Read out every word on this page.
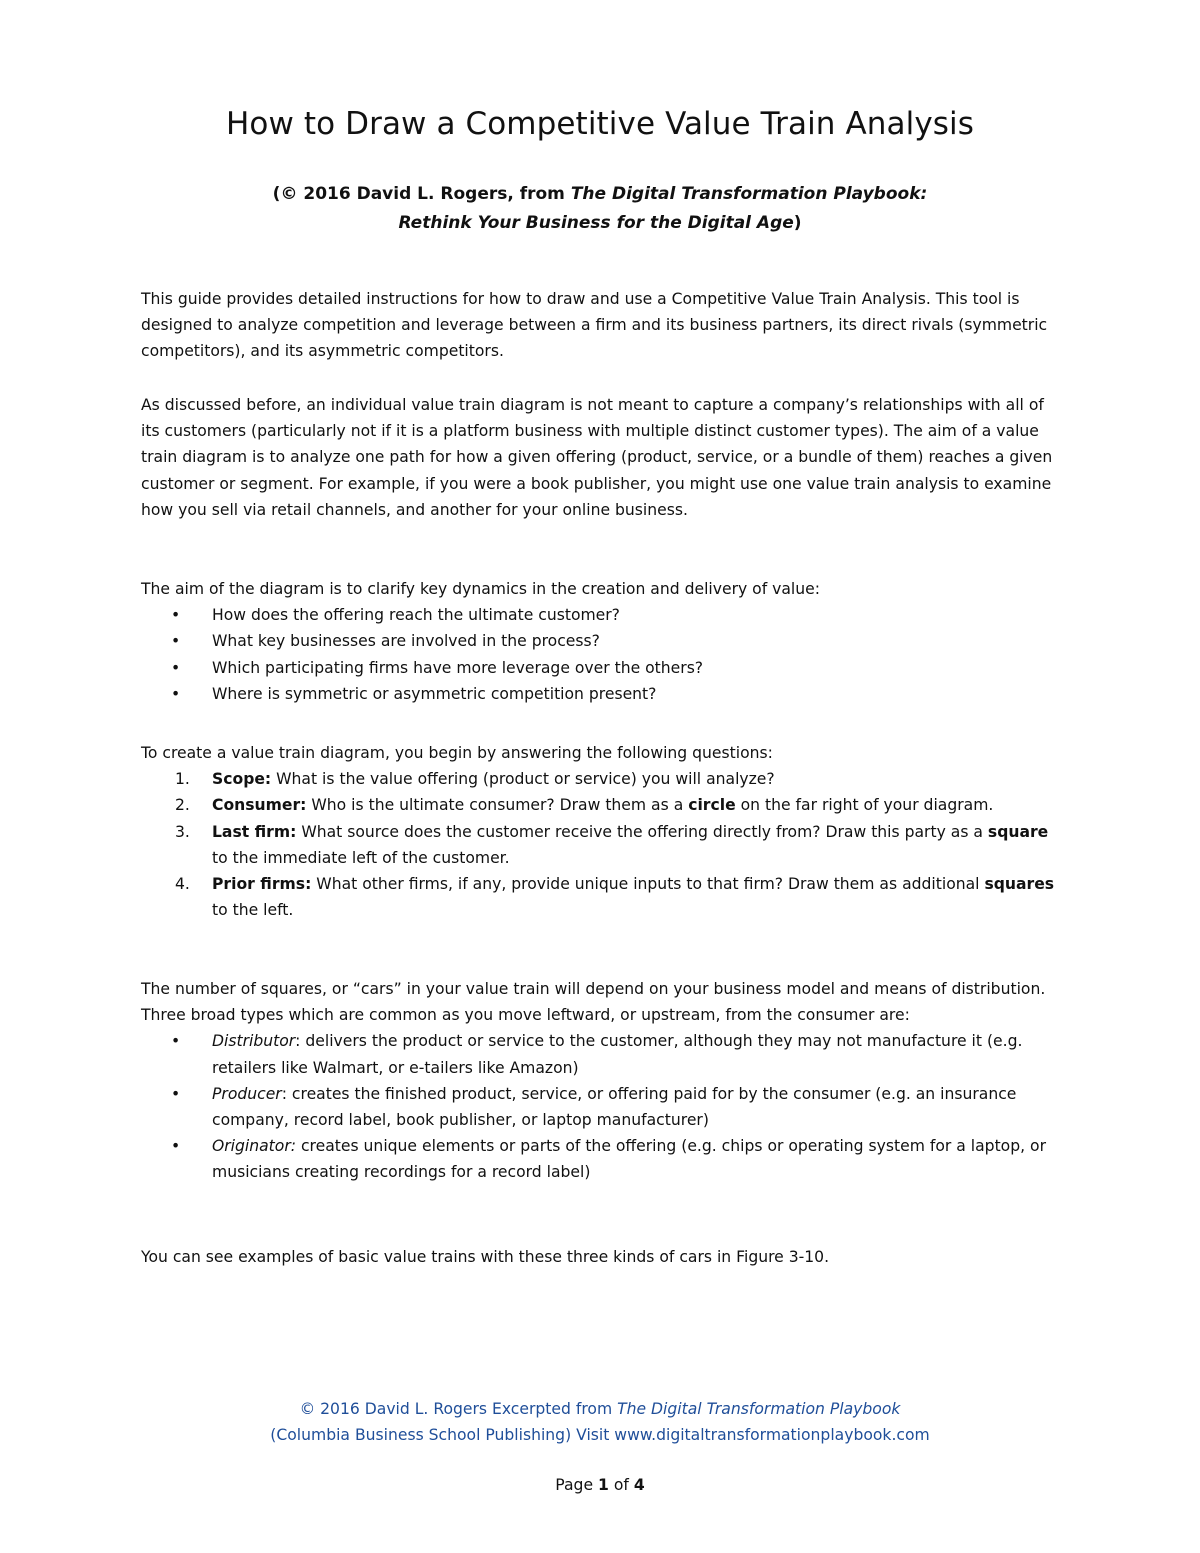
How to Draw a Competitive Value Train Analysis
(© 2016 David L. Rogers, from The Digital Transformation Playbook:
Rethink Your Business for the Digital Age)

This guide provides detailed instructions for how to draw and use a Competitive Value Train Analysis. This tool is designed to analyze competition and leverage between a firm and its business partners, its direct rivals (symmetric competitors), and its asymmetric competitors.

As discussed before, an individual value train diagram is not meant to capture a company’s relationships with all of its customers (particularly not if it is a platform business with multiple distinct customer types). The aim of a value train diagram is to analyze one path for how a given offering (product, service, or a bundle of them) reaches a given customer or segment. For example, if you were a book publisher, you might use one value train analysis to examine how you sell via retail channels, and another for your online business.

The aim of the diagram is to clarify key dynamics in the creation and delivery of value:

• How does the offering reach the ultimate customer?
• What key businesses are involved in the process?
• Which participating firms have more leverage over the others?
• Where is symmetric or asymmetric competition present?

To create a value train diagram, you begin by answering the following questions:

1. Scope: What is the value offering (product or service) you will analyze?
2. Consumer: Who is the ultimate consumer? Draw them as a circle on the far right of your diagram.
3. Last firm: What source does the customer receive the offering directly from? Draw this party as a square to the immediate left of the customer.
4. Prior firms: What other firms, if any, provide unique inputs to that firm? Draw them as additional squares to the left.

The number of squares, or “cars” in your value train will depend on your business model and means of distribution. Three broad types which are common as you move leftward, or upstream, from the consumer are:

• Distributor: delivers the product or service to the customer, although they may not manufacture it (e.g. retailers like Walmart, or e-tailers like Amazon)
• Producer: creates the finished product, service, or offering paid for by the consumer (e.g. an insurance company, record label, book publisher, or laptop manufacturer)
• Originator: creates unique elements or parts of the offering (e.g. chips or operating system for a laptop, or musicians creating recordings for a record label)

You can see examples of basic value trains with these three kinds of cars in Figure 3-10.

© 2016 David L. Rogers Excerpted from The Digital Transformation Playbook
(Columbia Business School Publishing) Visit www.digitaltransformationplaybook.com
Page 1 of 4
